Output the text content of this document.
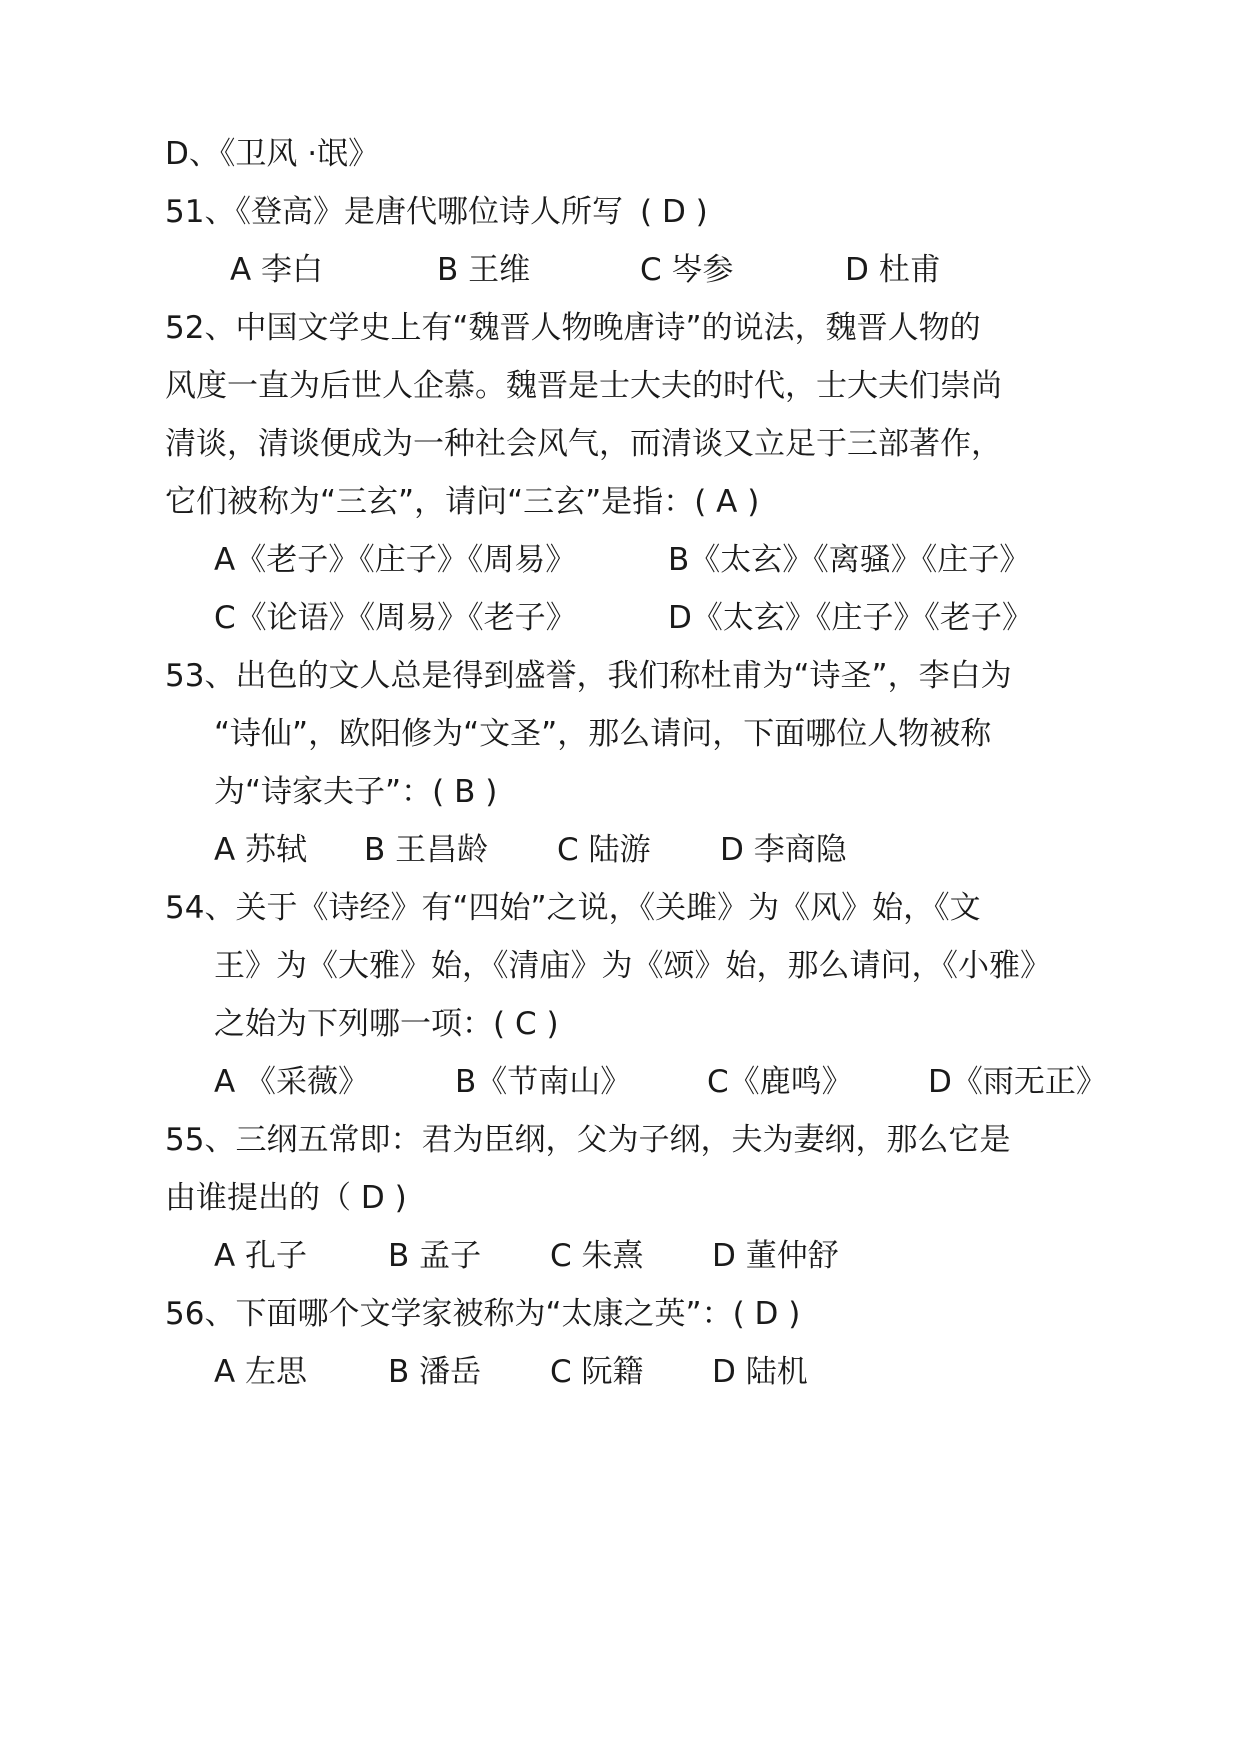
D、《卫风 ·氓》
51、《登高》是唐代哪位诗人所写 ( D )
A 李白	B 王维	C 岑参	D 杜甫
52、中国文学史上有“魏晋人物晚唐诗”的说法，魏晋人物的
风度一直为后世人企慕。魏晋是士大夫的时代，士大夫们崇尚
清谈，清谈便成为一种社会风气，而清谈又立足于三部著作，
它们被称为“三玄”，请问“三玄”是指：( A )
A《老子》《庄子》《周易》	B《太玄》《离骚》《庄子》
C《论语》《周易》《老子》	D《太玄》《庄子》《老子》
53、出色的文人总是得到盛誉，我们称杜甫为“诗圣”，李白为
“诗仙”，欧阳修为“文圣”，那么请问，下面哪位人物被称
为“诗家夫子”：( B )
A 苏轼 B 王昌龄 C 陆游 D 李商隐
54、关于《诗经》有“四始”之说，《关雎》为《风》始，《文
王》为《大雅》始，《清庙》为《颂》始，那么请问，《小雅》
之始为下列哪一项：( C )
A 《采薇》	B《节南山》 C《鹿鸣》 D《雨无正》
55、三纲五常即：君为臣纲，父为子纲，夫为妻纲，那么它是
由谁提出的（ D )
A 孔子	B 孟子 C 朱熹 D 董仲舒
56、下面哪个文学家被称为“太康之英”：( D )
A 左思	B 潘岳 C 阮籍 D 陆机
